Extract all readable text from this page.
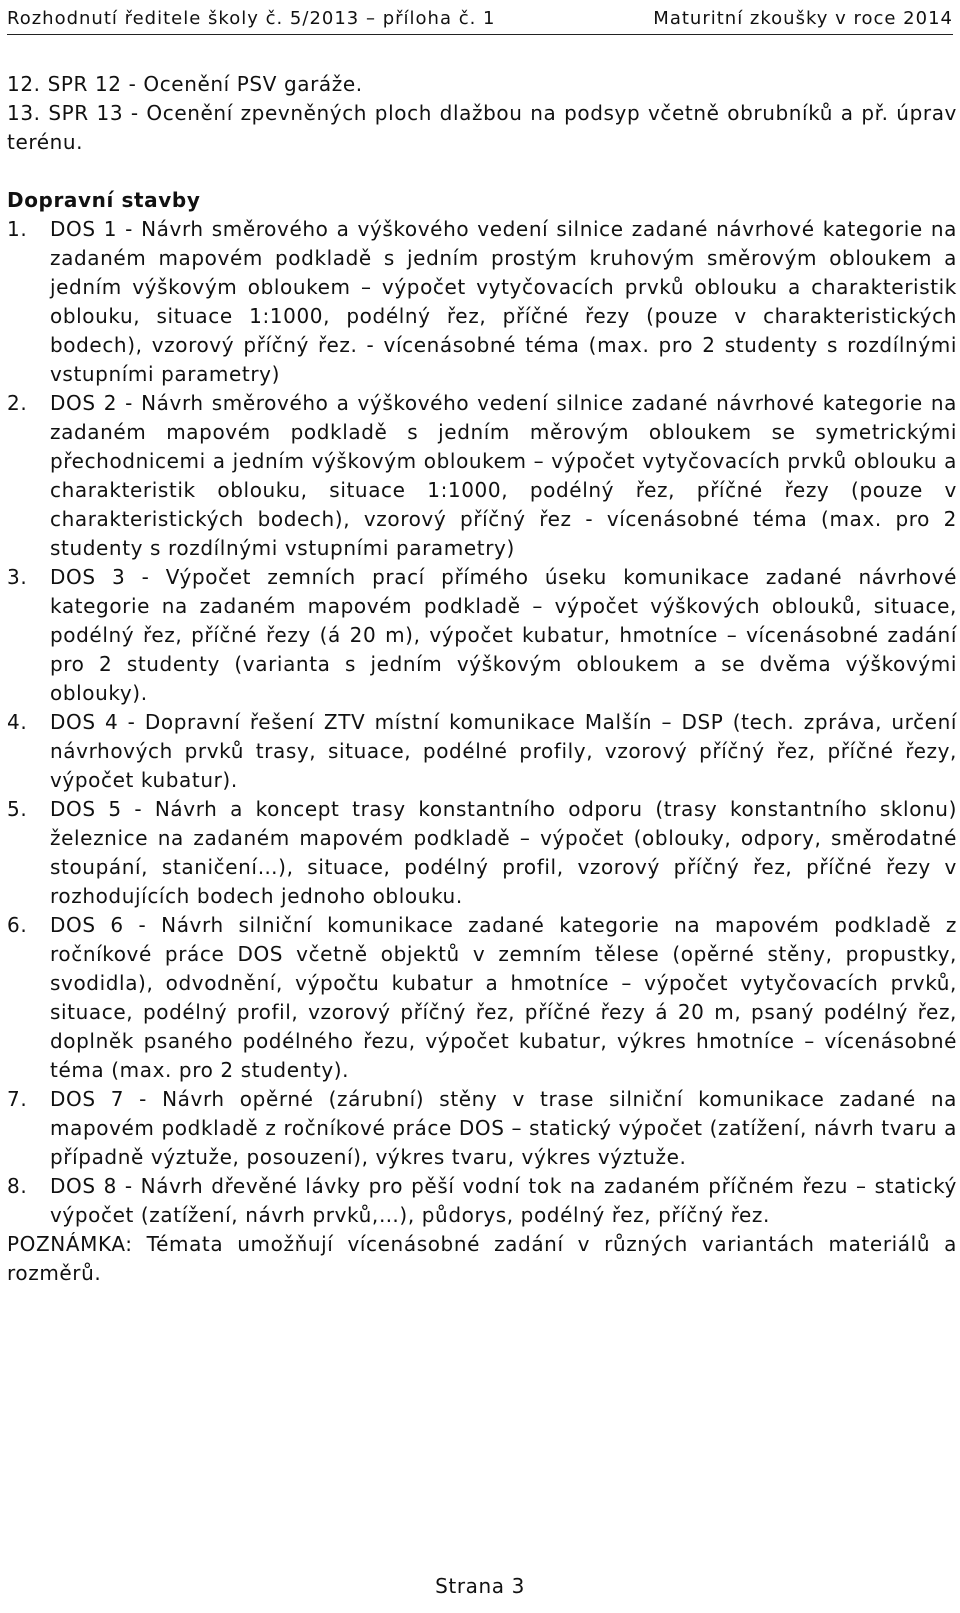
Rozhodnutí ředitele školy č. 5/2013 – příloha č. 1	Maturitní zkoušky v roce 2014
12. SPR 12 - Ocenění PSV garáže.
13. SPR 13 - Ocenění zpevněných ploch dlažbou na podsyp včetně obrubníků a př. úprav terénu.
Dopravní stavby
1.	DOS 1 - Návrh směrového a výškového vedení silnice zadané návrhové kategorie na zadaném mapovém podkladě s jedním prostým kruhovým směrovým obloukem a jedním výškovým obloukem – výpočet vytyčovacích prvků oblouku a charakteristik oblouku, situace 1:1000, podélný řez, příčné řezy (pouze v charakteristických bodech), vzorový příčný řez. - vícenásobné téma (max. pro 2 studenty s rozdílnými vstupními parametry)
2.	DOS 2 - Návrh směrového a výškového vedení silnice zadané návrhové kategorie na zadaném mapovém podkladě s jedním měrovým obloukem se symetrickými přechodnicemi a jedním výškovým obloukem – výpočet vytyčovacích prvků oblouku a charakteristik oblouku, situace 1:1000, podélný řez, příčné řezy (pouze v charakteristických bodech), vzorový příčný řez - vícenásobné téma (max. pro 2 studenty s rozdílnými vstupními parametry)
3.	DOS 3 - Výpočet zemních prací přímého úseku komunikace zadané návrhové kategorie na zadaném mapovém podkladě – výpočet výškových oblouků, situace, podélný řez, příčné řezy (á 20 m), výpočet kubatur, hmotníce – vícenásobné zadání pro 2 studenty (varianta s jedním výškovým obloukem a se dvěma výškovými oblouky).
4.	DOS 4 - Dopravní řešení ZTV místní komunikace Malšín – DSP (tech. zpráva, určení návrhových prvků trasy, situace, podélné profily, vzorový příčný řez, příčné řezy, výpočet kubatur).
5.	DOS 5 - Návrh a koncept trasy konstantního odporu (trasy konstantního sklonu) železnice na zadaném mapovém podkladě – výpočet (oblouky, odpory, směrodatné stoupání, staničení…), situace, podélný profil, vzorový příčný řez, příčné řezy v rozhodujících bodech jednoho oblouku.
6.	DOS 6 - Návrh silniční komunikace zadané kategorie na mapovém podkladě z ročníkové práce DOS včetně objektů v zemním tělese (opěrné stěny, propustky, svodidla), odvodnění, výpočtu kubatur a hmotníce – výpočet vytyčovacích prvků, situace, podélný profil, vzorový příčný řez, příčné řezy á 20 m, psaný podélný řez, doplněk psaného podélného řezu, výpočet kubatur, výkres hmotníce – vícenásobné téma (max. pro 2 studenty).
7.	DOS 7 - Návrh opěrné (zárubní) stěny v trase silniční komunikace zadané na mapovém podkladě z ročníkové práce DOS – statický výpočet (zatížení, návrh tvaru a případně výztuže, posouzení), výkres tvaru, výkres výztuže.
8.	DOS 8 - Návrh dřevěné lávky pro pěší vodní tok na zadaném příčném řezu – statický výpočet (zatížení, návrh prvků,…), půdorys, podélný řez, příčný řez.
POZNÁMKA: Témata umožňují vícenásobné zadání v různých variantách materiálů a rozměrů.
Strana 3
